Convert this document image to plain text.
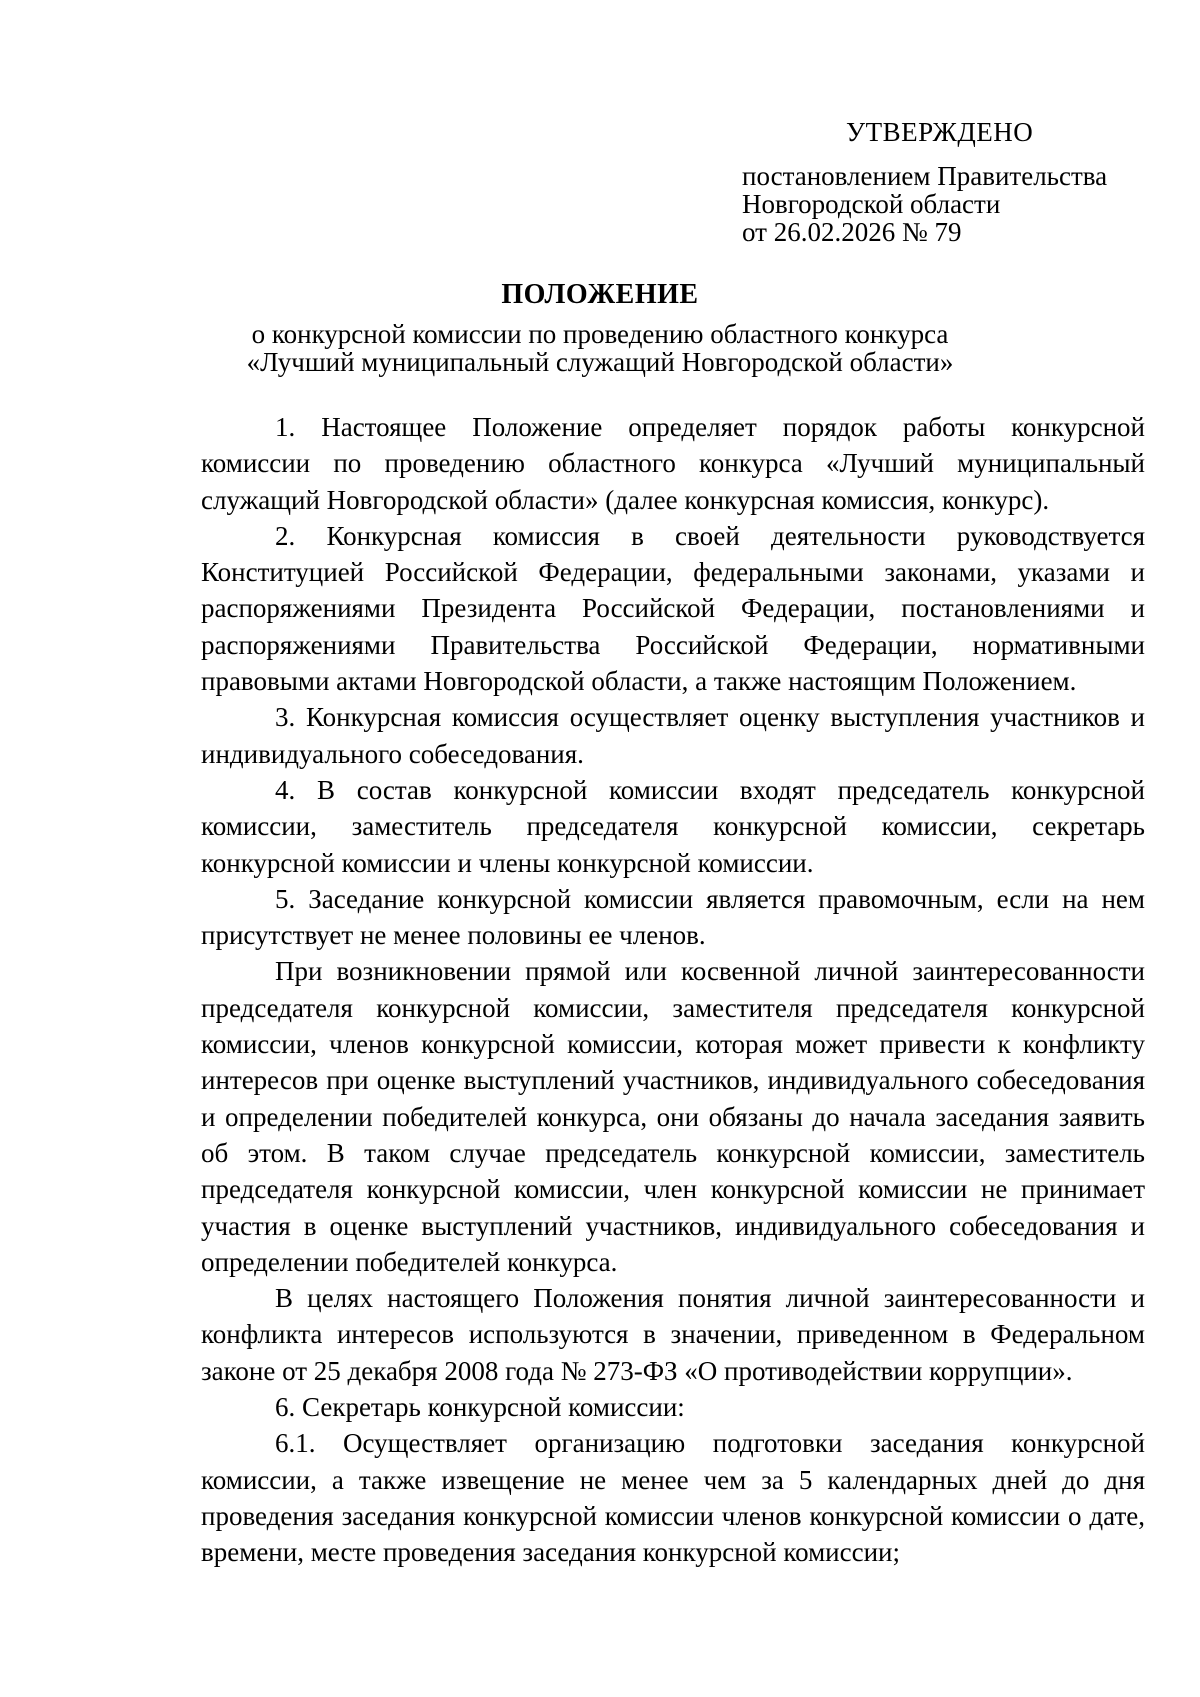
УТВЕРЖДЕНО
постановлением Правительства
Новгородской области
от 26.02.2026 № 79
ПОЛОЖЕНИЕ
о конкурсной комиссии по проведению областного конкурса
«Лучший муниципальный служащий Новгородской области»

1. Настоящее Положение определяет порядок работы конкурсной комиссии по проведению областного конкурса «Лучший муниципальный служащий Новгородской области» (далее конкурсная комиссия, конкурс).

2. Конкурсная комиссия в своей деятельности руководствуется Конституцией Российской Федерации, федеральными законами, указами и распоряжениями Президента Российской Федерации, постановлениями и распоряжениями Правительства Российской Федерации, нормативными правовыми актами Новгородской области, а также настоящим Положением.

3. Конкурсная комиссия осуществляет оценку выступления участников и индивидуального собеседования.

4. В состав конкурсной комиссии входят председатель конкурсной комиссии, заместитель председателя конкурсной комиссии, секретарь конкурсной комиссии и члены конкурсной комиссии.

5. Заседание конкурсной комиссии является правомочным, если на нем присутствует не менее половины ее членов.

При возникновении прямой или косвенной личной заинтересованности председателя конкурсной комиссии, заместителя председателя конкурсной комиссии, членов конкурсной комиссии, которая может привести к конфликту интересов при оценке выступлений участников, индивидуального собеседования и определении победителей конкурса, они обязаны до начала заседания заявить об этом. В таком случае председатель конкурсной комиссии, заместитель председателя конкурсной комиссии, член конкурсной комиссии не принимает участия в оценке выступлений участников, индивидуального собеседования и определении победителей конкурса.

В целях настоящего Положения понятия личной заинтересованности и конфликта интересов используются в значении, приведенном в Федеральном законе от 25 декабря 2008 года № 273-ФЗ «О противодействии коррупции».

6. Секретарь конкурсной комиссии:

6.1. Осуществляет организацию подготовки заседания конкурсной комиссии, а также извещение не менее чем за 5 календарных дней до дня проведения заседания конкурсной комиссии членов конкурсной комиссии о дате, времени, месте проведения заседания конкурсной комиссии;
